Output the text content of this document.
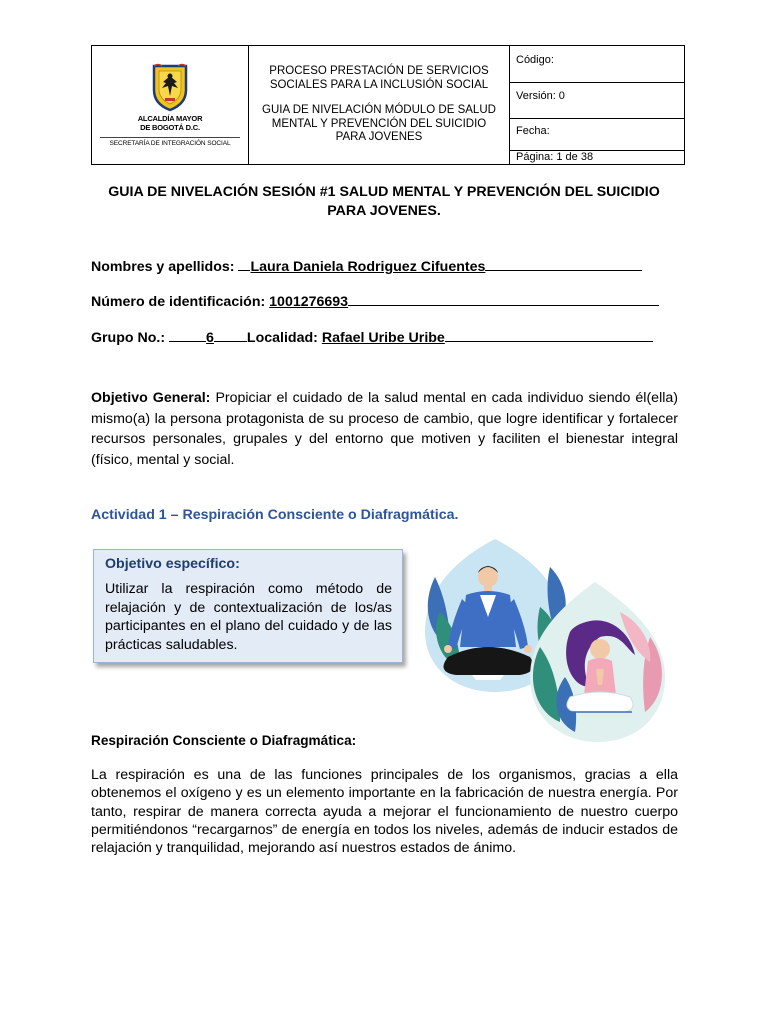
ALCALDÍA MAYOR
DE BOGOTÁ D.C.
SECRETARÍA DE INTEGRACIÓN SOCIAL

PROCESO PRESTACIÓN DE SERVICIOS SOCIALES PARA LA INCLUSIÓN SOCIAL
GUIA DE NIVELACIÓN MÓDULO DE SALUD MENTAL Y PREVENCIÓN DEL SUICIDIO PARA JOVENES
	Código:
Versión: 0
Fecha:
Página: 1 de 38
GUIA DE NIVELACIÓN SESIÓN #1 SALUD MENTAL Y PREVENCIÓN DEL SUICIDIO PARA JOVENES.
Nombres y apellidos: Laura Daniela Rodriguez Cifuentes
Número de identificación: 1001276693
Grupo No.:	6 Localidad: Rafael Uribe Uribe
Objetivo General: Propiciar el cuidado de la salud mental en cada individuo siendo él(ella) mismo(a) la persona protagonista de su proceso de cambio, que logre identificar y fortalecer recursos personales, grupales y del entorno que motiven y faciliten el bienestar integral (físico, mental y social.
Actividad 1 – Respiración Consciente o Diafragmática.
Objetivo específico:
Utilizar la respiración como método de relajación y de contextualización de los/as participantes en el plano del cuidado y de las prácticas saludables.
Respiración Consciente o Diafragmática:
La respiración es una de las funciones principales de los organismos, gracias a ella obtenemos el oxígeno y es un elemento importante en la fabricación de nuestra energía. Por tanto, respirar de manera correcta ayuda a mejorar el funcionamiento de nuestro cuerpo permitiéndonos “recargarnos” de energía en todos los niveles, además de inducir estados de relajación y tranquilidad, mejorando así nuestros estados de ánimo.
